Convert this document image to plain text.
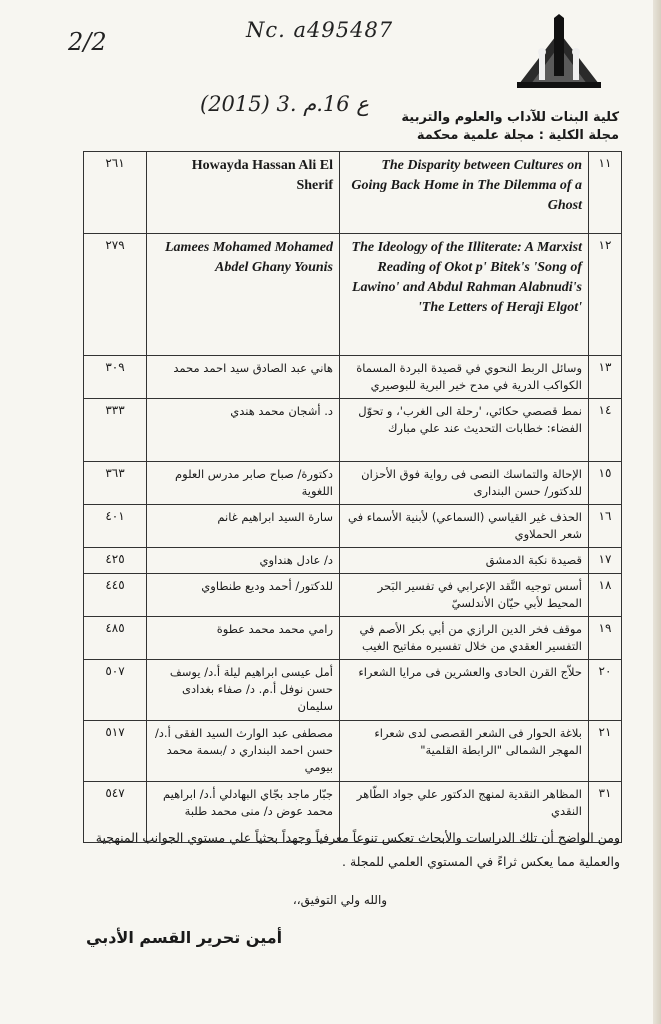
2/2	Nc. a495487
(2015) 3. ع 16.م
كلية البنات للآداب والعلوم والتربية
مجلة الكلية : مجلة علمية محكمة
٢٦١	Howayda Hassan Ali El Sherif	The Disparity between Cultures on Going Back Home in The Dilemma of a Ghost	١١
٢٧٩	Lamees Mohamed Mohamed Abdel Ghany Younis	The Ideology of the Illiterate: A Marxist Reading of Okot p' Bitek's 'Song of Lawino' and Abdul Rahman Alabnudi's 'The Letters of Heraji Elgot'	١٢
٣٠٩	هاني عبد الصادق سيد احمد محمد	وسائل الربط النحوي في قصيدة البردة المسماة الكواكب الدرية في مدح خير البرية للبوصيري	١٣
٣٣٣	د. أشجان محمد هندي	نمط قصصي حكائي، 'رحلة الى الغرب'، و تحوّل الفضاء: خطابات التحديث عند علي مبارك	١٤
٣٦٣	دكتورة/ صباح صابر مدرس العلوم اللغوية	الإحالة والتماسك النصى فى رواية فوق الأحزان للدكتور/ حسن البندارى	١٥
٤٠١	سارة السيد ابراهيم غانم	الحذف غير القياسي (السماعي) لأبنية الأسماء في شعر الحملاوي	١٦
٤٢٥	د/ عادل هنداوي	قصيدة نكبة الدمشق	١٧
٤٤٥	للدكتور/ أحمد وديع طنطاوي	أسس توجيه النَّقد الإعرابي في تفسير البَحر المحيط لأبي حيّان الأندلسيّ	١٨
٤٨٥	رامي محمد محمد عطوة	موقف فخر الدين الرازي من أبي بكر الأصم في التفسير العقدي من خلال تفسيره مفاتيح الغيب	١٩
٥٠٧	أمل عيسى ابراهيم ليلة أ.د/ يوسف حسن نوفل أ.م. د/ صفاء بغدادى سليمان	حلاّج القرن الحادى والعشرين فى مرايا الشعراء	٢٠
٥١٧	مصطفى عبد الوارث السيد الفقى أ.د/ حسن احمد البنداري د /بسمة محمد بيومي	بلاغة الحوار فى الشعر القصصى لدى شعراء المهجر الشمالى "الرابطة القلمية"	٢١
٥٤٧	جبّار ماجد بجّاي البهادلي أ.د/ ابراهيم محمد عوض د/ منى محمد طلبة	المظاهر النقدية لمنهج الدكتور علي جواد الطّاهر النقدي	٣١
ومن الواضح أن تلك الدراسات والأبحاث تعكس تنوعاً معرفياً وجهداً بحثياً علي مستوي الجوانب المنهجية والعملية مما يعكس ثراءً في المستوي العلمي للمجلة .
والله ولي التوفيق،،
أمين تحرير القسم الأدبي
